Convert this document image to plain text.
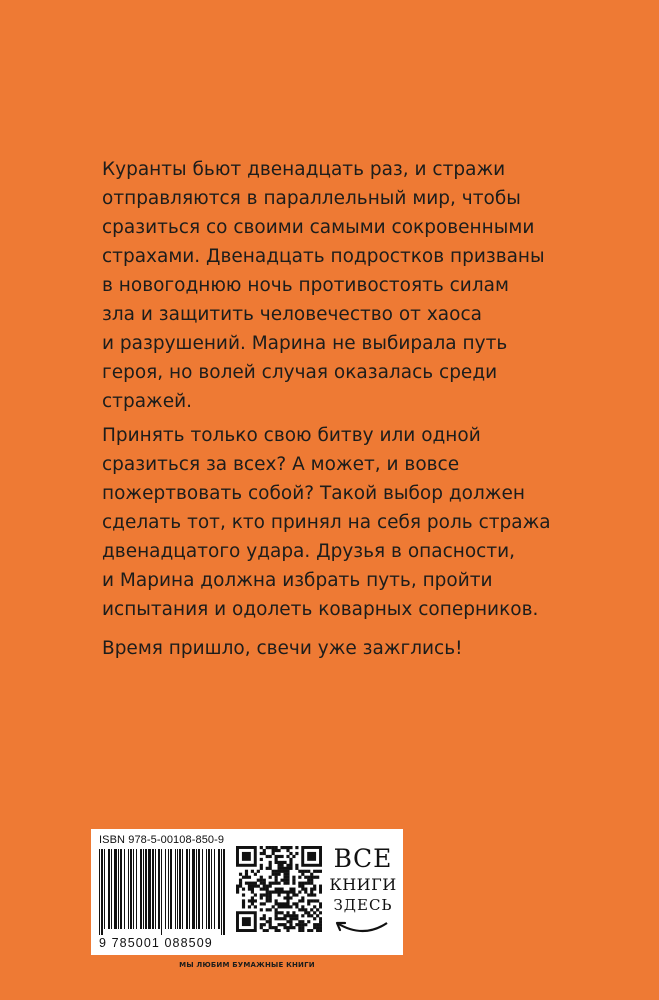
Куранты бьют двенадцать раз, и стражи
отправляются в параллельный мир, чтобы
сразиться со своими самыми сокровенными
страхами. Двенадцать подростков призваны
в новогоднюю ночь противостоять силам
зла и защитить человечество от хаоса
и разрушений. Марина не выбирала путь
героя, но волей случая оказалась среди
стражей.
Принять только свою битву или одной
сразиться за всех? А может, и вовсе
пожертвовать собой? Такой выбор должен
сделать тот, кто принял на себя роль стража
двенадцатого удара. Друзья в опасности,
и Марина должна избрать путь, пройти
испытания и одолеть коварных соперников.
Время пришло, свечи уже зажглись!
ISBN 978-5-00108-850-9
9 785001 088509
ВСЕ
КНИГИ
ЗДЕСЬ
МЫ ЛЮБИМ БУМАЖНЫЕ КНИГИ
